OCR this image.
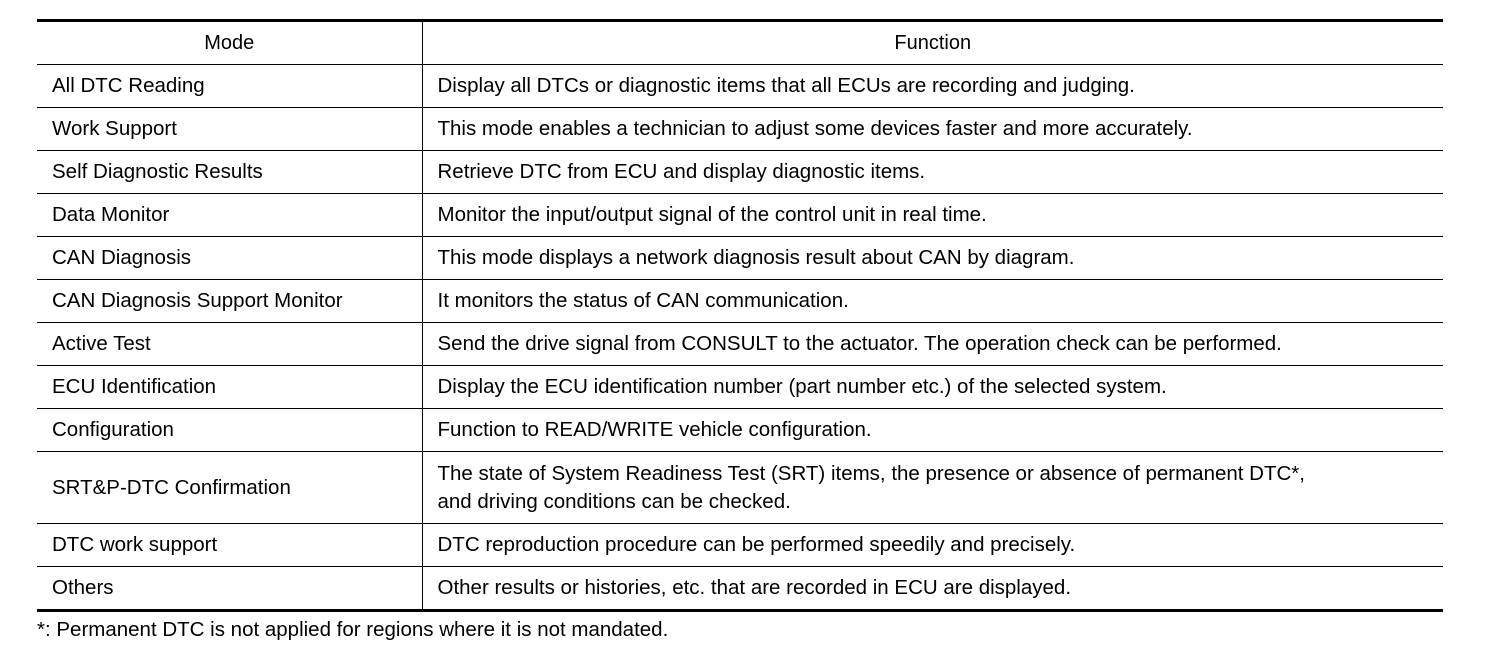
Mode	Function
All DTC Reading	Display all DTCs or diagnostic items that all ECUs are recording and judging.
Work Support	This mode enables a technician to adjust some devices faster and more accurately.
Self Diagnostic Results	Retrieve DTC from ECU and display diagnostic items.
Data Monitor	Monitor the input/output signal of the control unit in real time.
CAN Diagnosis	This mode displays a network diagnosis result about CAN by diagram.
CAN Diagnosis Support Monitor	It monitors the status of CAN communication.
Active Test	Send the drive signal from CONSULT to the actuator. The operation check can be performed.
ECU Identification	Display the ECU identification number (part number etc.) of the selected system.
Configuration	Function to READ/WRITE vehicle configuration.
SRT&P-DTC Confirmation	The state of System Readiness Test (SRT) items, the presence or absence of permanent DTC*,
and driving conditions can be checked.

DTC work support	DTC reproduction procedure can be performed speedily and precisely.
Others	Other results or histories, etc. that are recorded in ECU are displayed.
*: Permanent DTC is not applied for regions where it is not mandated.
